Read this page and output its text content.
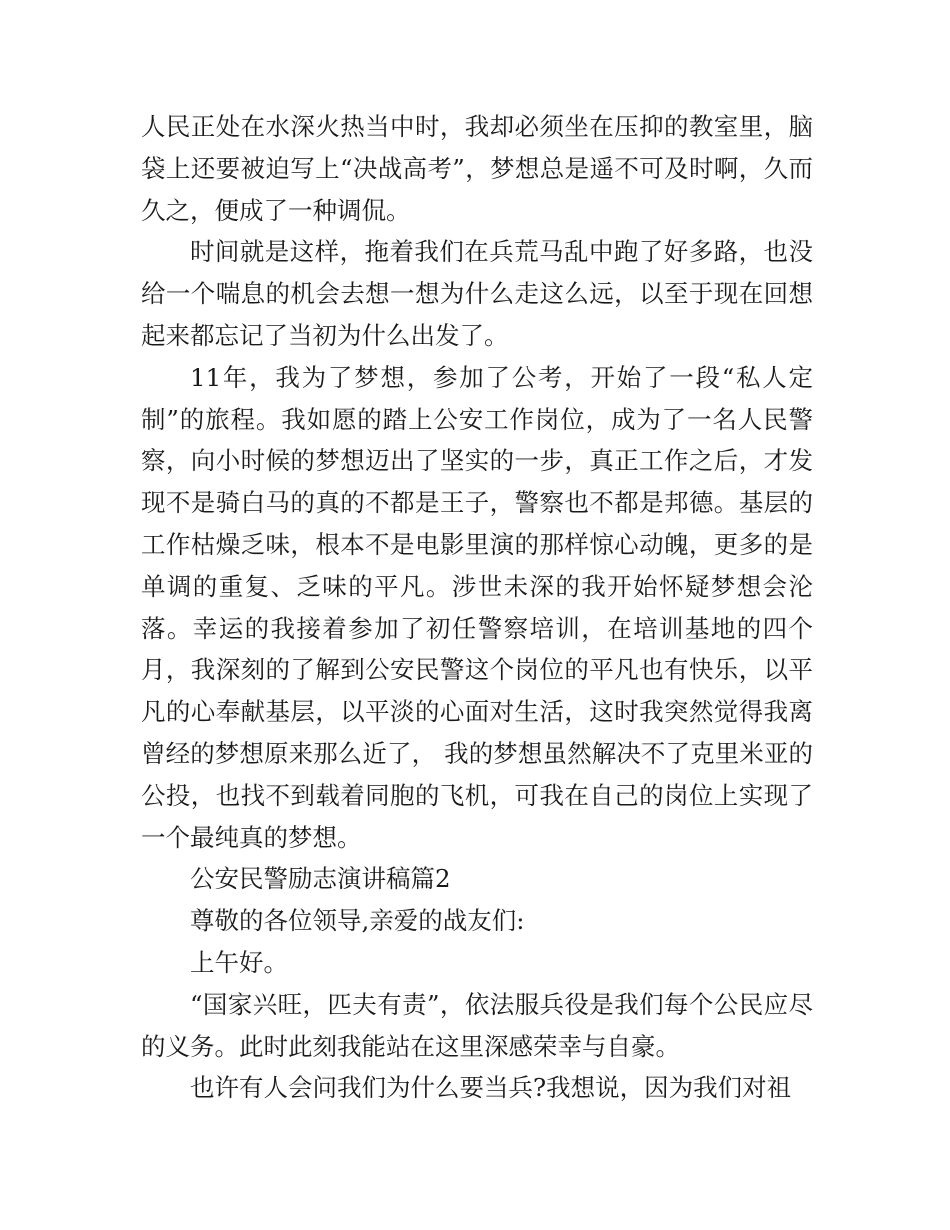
人民正处在水深火热当中时，我却必须坐在压抑的教室里，脑袋上还要被迫写上“决战高考”，梦想总是遥不可及时啊，久而久之，便成了一种调侃。

时间就是这样，拖着我们在兵荒马乱中跑了好多路，也没给一个喘息的机会去想一想为什么走这么远，以至于现在回想起来都忘记了当初为什么出发了。

11年，我为了梦想，参加了公考，开始了一段“私人定制”的旅程。我如愿的踏上公安工作岗位，成为了一名人民警察，向小时候的梦想迈出了坚实的一步，真正工作之后，才发现不是骑白马的真的不都是王子，警察也不都是邦德。基层的工作枯燥乏味，根本不是电影里演的那样惊心动魄，更多的是单调的重复、乏味的平凡。涉世未深的我开始怀疑梦想会沦落。幸运的我接着参加了初任警察培训，在培训基地的四个月，我深刻的了解到公安民警这个岗位的平凡也有快乐，以平凡的心奉献基层，以平淡的心面对生活，这时我突然觉得我离曾经的梦想原来那么近了， 我的梦想虽然解决不了克里米亚的公投，也找不到载着同胞的飞机，可我在自己的岗位上实现了一个最纯真的梦想。

公安民警励志演讲稿篇2

尊敬的各位领导,亲爱的战友们:

上午好。

“国家兴旺，匹夫有责”，依法服兵役是我们每个公民应尽的义务。此时此刻我能站在这里深感荣幸与自豪。

也许有人会问我们为什么要当兵?我想说，因为我们对祖
